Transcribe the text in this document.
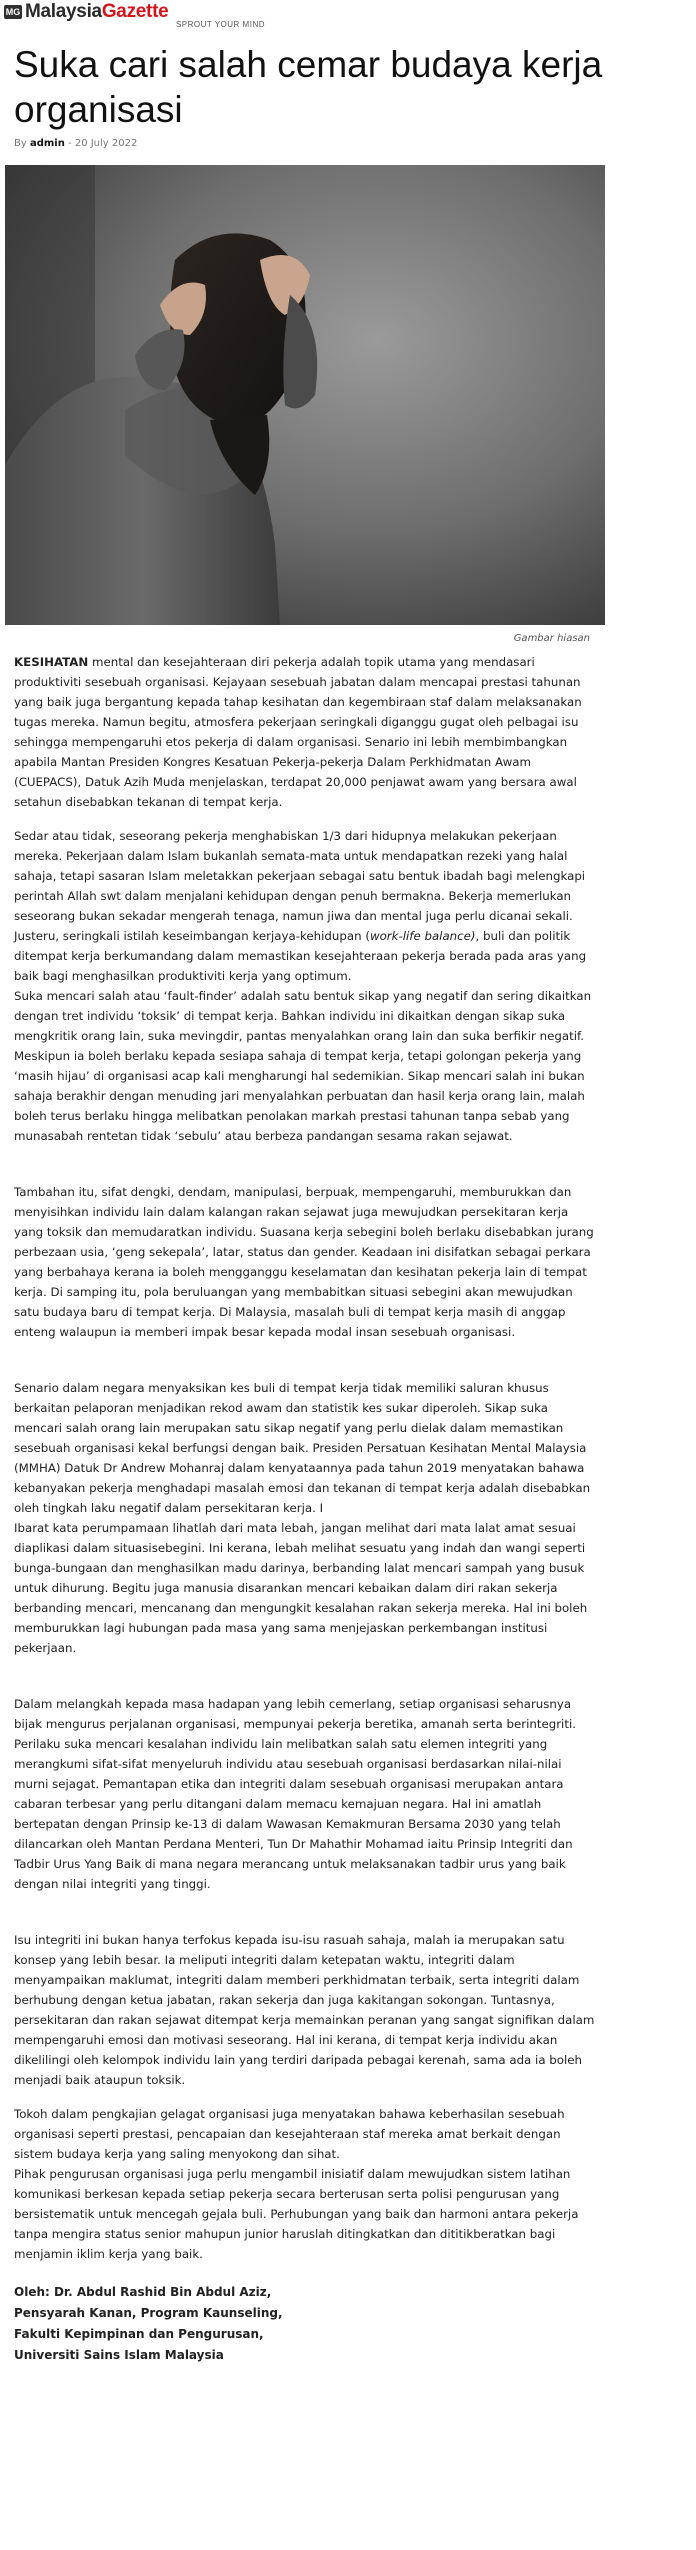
MG MalaysiaGazette
SPROUT YOUR MIND
Suka cari salah cemar budaya kerja organisasi
By admin - 20 July 2022
Gambar hiasan

KESIHATAN mental dan kesejahteraan diri pekerja adalah topik utama yang mendasari produktiviti sesebuah organisasi. Kejayaan sesebuah jabatan dalam mencapai prestasi tahunan yang baik juga bergantung kepada tahap kesihatan dan kegembiraan staf dalam melaksanakan tugas mereka. Namun begitu, atmosfera pekerjaan seringkali diganggu gugat oleh pelbagai isu sehingga mempengaruhi etos pekerja di dalam organisasi. Senario ini lebih membimbangkan apabila Mantan Presiden Kongres Kesatuan Pekerja-pekerja Dalam Perkhidmatan Awam (CUEPACS), Datuk Azih Muda menjelaskan, terdapat 20,000 penjawat awam yang bersara awal setahun disebabkan tekanan di tempat kerja.

Sedar atau tidak, seseorang pekerja menghabiskan 1/3 dari hidupnya melakukan pekerjaan mereka. Pekerjaan dalam Islam bukanlah semata-mata untuk mendapatkan rezeki yang halal sahaja, tetapi sasaran Islam meletakkan pekerjaan sebagai satu bentuk ibadah bagi melengkapi perintah Allah swt dalam menjalani kehidupan dengan penuh bermakna. Bekerja memerlukan seseorang bukan sekadar mengerah tenaga, namun jiwa dan mental juga perlu dicanai sekali. Justeru, seringkali istilah keseimbangan kerjaya-kehidupan (work-life balance), buli dan politik ditempat kerja berkumandang dalam memastikan kesejahteraan pekerja berada pada aras yang baik bagi menghasilkan produktiviti kerja yang optimum.

Suka mencari salah atau ‘fault-finder’ adalah satu bentuk sikap yang negatif dan sering dikaitkan dengan tret individu ‘toksik’ di tempat kerja. Bahkan individu ini dikaitkan dengan sikap suka mengkritik orang lain, suka mevingdir, pantas menyalahkan orang lain dan suka berfikir negatif. Meskipun ia boleh berlaku kepada sesiapa sahaja di tempat kerja, tetapi golongan pekerja yang ‘masih hijau’ di organisasi acap kali mengharungi hal sedemikian. Sikap mencari salah ini bukan sahaja berakhir dengan menuding jari menyalahkan perbuatan dan hasil kerja orang lain, malah boleh terus berlaku hingga melibatkan penolakan markah prestasi tahunan tanpa sebab yang munasabah rentetan tidak ‘sebulu’ atau berbeza pandangan sesama rakan sejawat.

Tambahan itu, sifat dengki, dendam, manipulasi, berpuak, mempengaruhi, memburukkan dan menyisihkan individu lain dalam kalangan rakan sejawat juga mewujudkan persekitaran kerja yang toksik dan memudaratkan individu. Suasana kerja sebegini boleh berlaku disebabkan jurang perbezaan usia, ‘geng sekepala’, latar, status dan gender. Keadaan ini disifatkan sebagai perkara yang berbahaya kerana ia boleh mengganggu keselamatan dan kesihatan pekerja lain di tempat kerja. Di samping itu, pola beruluangan yang membabitkan situasi sebegini akan mewujudkan satu budaya baru di tempat kerja. Di Malaysia, masalah buli di tempat kerja masih di anggap enteng walaupun ia memberi impak besar kepada modal insan sesebuah organisasi.

Senario dalam negara menyaksikan kes buli di tempat kerja tidak memiliki saluran khusus berkaitan pelaporan menjadikan rekod awam dan statistik kes sukar diperoleh. Sikap suka mencari salah orang lain merupakan satu sikap negatif yang perlu dielak dalam memastikan sesebuah organisasi kekal berfungsi dengan baik. Presiden Persatuan Kesihatan Mental Malaysia (MMHA) Datuk Dr Andrew Mohanraj dalam kenyataannya pada tahun 2019 menyatakan bahawa kebanyakan pekerja menghadapi masalah emosi dan tekanan di tempat kerja adalah disebabkan oleh tingkah laku negatif dalam persekitaran kerja. I

Ibarat kata perumpamaan lihatlah dari mata lebah, jangan melihat dari mata lalat amat sesuai diaplikasi dalam situasisebegini. Ini kerana, lebah melihat sesuatu yang indah dan wangi seperti bunga-bungaan dan menghasilkan madu darinya, berbanding lalat mencari sampah yang busuk untuk dihurung. Begitu juga manusia disarankan mencari kebaikan dalam diri rakan sekerja berbanding mencari, mencanang dan mengungkit kesalahan rakan sekerja mereka. Hal ini boleh memburukkan lagi hubungan pada masa yang sama menjejaskan perkembangan institusi pekerjaan.

Dalam melangkah kepada masa hadapan yang lebih cemerlang, setiap organisasi seharusnya bijak mengurus perjalanan organisasi, mempunyai pekerja beretika, amanah serta berintegriti. Perilaku suka mencari kesalahan individu lain melibatkan salah satu elemen integriti yang merangkumi sifat-sifat menyeluruh individu atau sesebuah organisasi berdasarkan nilai-nilai murni sejagat. Pemantapan etika dan integriti dalam sesebuah organisasi merupakan antara cabaran terbesar yang perlu ditangani dalam memacu kemajuan negara. Hal ini amatlah bertepatan dengan Prinsip ke-13 di dalam Wawasan Kemakmuran Bersama 2030 yang telah dilancarkan oleh Mantan Perdana Menteri, Tun Dr Mahathir Mohamad iaitu Prinsip Integriti dan Tadbir Urus Yang Baik di mana negara merancang untuk melaksanakan tadbir urus yang baik dengan nilai integriti yang tinggi.

Isu integriti ini bukan hanya terfokus kepada isu-isu rasuah sahaja, malah ia merupakan satu konsep yang lebih besar. Ia meliputi integriti dalam ketepatan waktu, integriti dalam menyampaikan maklumat, integriti dalam memberi perkhidmatan terbaik, serta integriti dalam berhubung dengan ketua jabatan, rakan sekerja dan juga kakitangan sokongan. Tuntasnya, persekitaran dan rakan sejawat ditempat kerja memainkan peranan yang sangat signifikan dalam mempengaruhi emosi dan motivasi seseorang. Hal ini kerana, di tempat kerja individu akan dikelilingi oleh kelompok individu lain yang terdiri daripada pebagai kerenah, sama ada ia boleh menjadi baik ataupun toksik.

Tokoh dalam pengkajian gelagat organisasi juga menyatakan bahawa keberhasilan sesebuah organisasi seperti prestasi, pencapaian dan kesejahteraan staf mereka amat berkait dengan sistem budaya kerja yang saling menyokong dan sihat.

Pihak pengurusan organisasi juga perlu mengambil inisiatif dalam mewujudkan sistem latihan komunikasi berkesan kepada setiap pekerja secara berterusan serta polisi pengurusan yang bersistematik untuk mencegah gejala buli. Perhubungan yang baik dan harmoni antara pekerja tanpa mengira status senior mahupun junior haruslah ditingkatkan dan dititikberatkan bagi menjamin iklim kerja yang baik.

Oleh: Dr. Abdul Rashid Bin Abdul Aziz,
Pensyarah Kanan, Program Kaunseling,
Fakulti Kepimpinan dan Pengurusan,
Universiti Sains Islam Malaysia
